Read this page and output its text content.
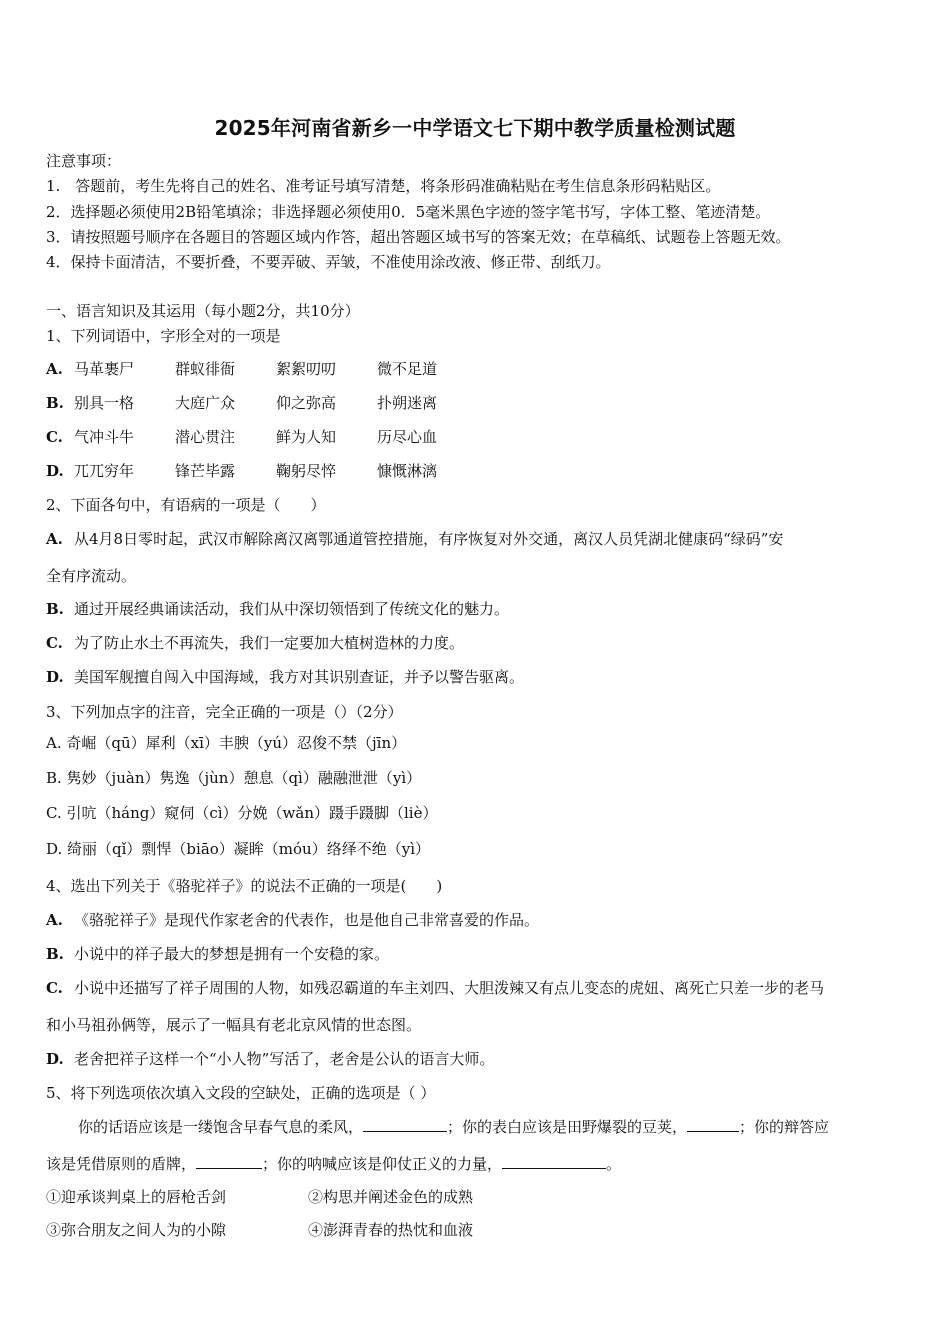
2025年河南省新乡一中学语文七下期中教学质量检测试题
注意事项：
1.　答题前，考生先将自己的姓名、准考证号填写清楚，将条形码准确粘贴在考生信息条形码粘贴区。
2．选择题必须使用2B铅笔填涂；非选择题必须使用0．5毫米黑色字迹的签字笔书写，字体工整、笔迹清楚。
3．请按照题号顺序在各题目的答题区域内作答，超出答题区域书写的答案无效；在草稿纸、试题卷上答题无效。
4．保持卡面清洁，不要折叠，不要弄破、弄皱，不准使用涂改液、修正带、刮纸刀。
一、语言知识及其运用（每小题2分，共10分）
1、下列词语中，字形全对的一项是
A. 马革裹尸	群蚁徘衙	絮絮叨叨	微不足道
B. 别具一格	大庭广众	仰之弥高	扑朔迷离
C. 气冲斗牛	潜心贯注	鲜为人知	历尽心血
D. 兀兀穷年	锋芒毕露	鞠躬尽悴	慷慨淋漓
2、下面各句中，有语病的一项是（　　）
A. 从4月8日零时起，武汉市解除离汉离鄂通道管控措施，有序恢复对外交通，离汉人员凭湖北健康码“绿码”安
全有序流动。
B. 通过开展经典诵读活动，我们从中深切领悟到了传统文化的魅力。
C. 为了防止水土不再流失，我们一定要加大植树造林的力度。
D. 美国军舰擅自闯入中国海域，我方对其识别查证，并予以警告驱离。
3、下列加点字的注音，完全正确的一项是（）（2分）
A. 奇崛（qū）犀利（xī）丰腴（yú）忍俊不禁（jīn）
B. 隽妙（juàn）隽逸（jùn）憩息（qì）融融泄泄（yì）
C. 引吭（háng）窥伺（cì）分娩（wǎn）蹑手蹑脚（liè）
D. 绮丽（qǐ）剽悍（biāo）凝眸（móu）络绎不绝（yì）
4、选出下列关于《骆驼祥子》的说法不正确的一项是(　　)
A. 《骆驼祥子》是现代作家老舍的代表作，也是他自己非常喜爱的作品。
B. 小说中的祥子最大的梦想是拥有一个安稳的家。
C. 小说中还描写了祥子周围的人物，如残忍霸道的车主刘四、大胆泼辣又有点儿变态的虎妞、离死亡只差一步的老马
和小马祖孙俩等，展示了一幅具有老北京风情的世态图。
D. 老舍把祥子这样一个“小人物”写活了，老舍是公认的语言大师。
5、将下列选项依次填入文段的空缺处，正确的选项是（ ）
你的话语应该是一缕饱含早春气息的柔风，	；你的表白应该是田野爆裂的豆荚，	；你的辩答应
该是凭借原则的盾牌，	；你的呐喊应该是仰仗正义的力量，	。
①迎承谈判桌上的唇枪舌剑	②构思并阐述金色的成熟
③弥合朋友之间人为的小隙	④澎湃青春的热忱和血液
